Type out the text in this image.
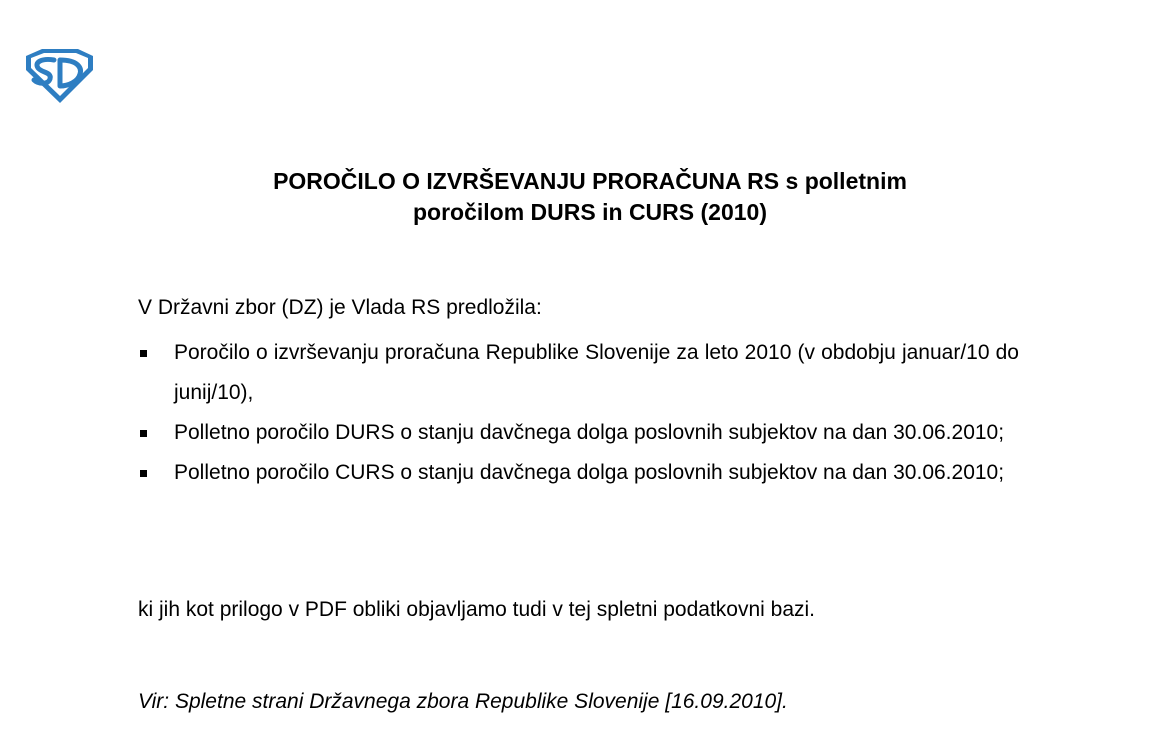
POROČILO O IZVRŠEVANJU PRORAČUNA RS s polletnim
poročilom DURS in CURS (2010)
V Državni zbor (DZ) je Vlada RS predložila:
Poročilo o izvrševanju proračuna Republike Slovenije za leto 2010 (v obdobju januar/10 do junij/10),
Polletno poročilo DURS o stanju davčnega dolga poslovnih subjektov na dan 30.06.2010;
Polletno poročilo CURS o stanju davčnega dolga poslovnih subjektov na dan 30.06.2010;
ki jih kot prilogo v PDF obliki objavljamo tudi v tej spletni podatkovni bazi.
Vir: Spletne strani Državnega zbora Republike Slovenije [16.09.2010].
